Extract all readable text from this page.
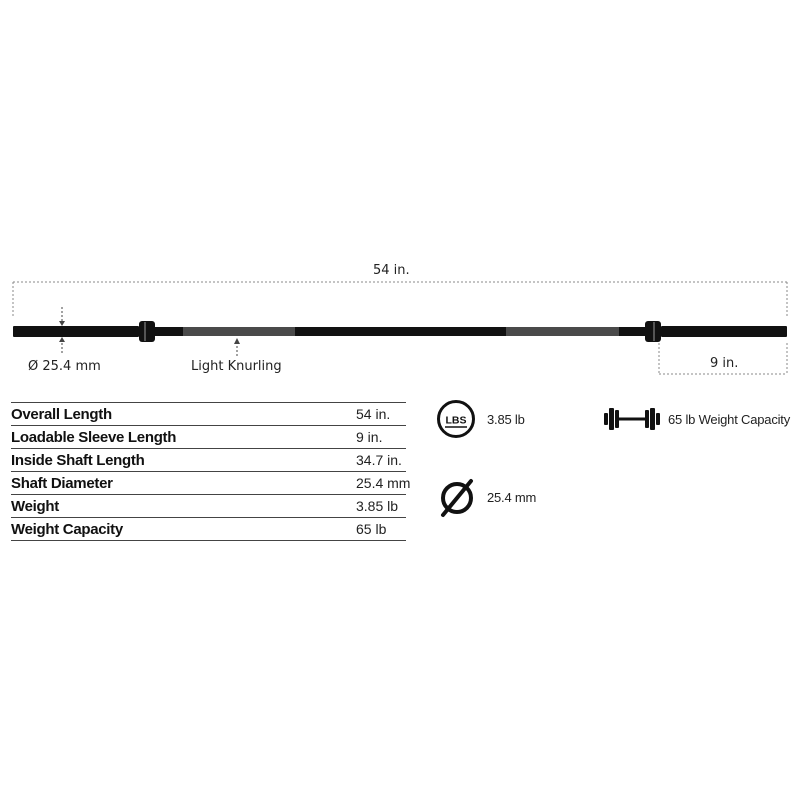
54 in.
Ø 25.4 mm	Light Knurling	9 in.
Overall Length	54 in.
Loadable Sleeve Length	9 in.
Inside Shaft Length	34.7 in.
Shaft Diameter	25.4 mm
Weight	3.85 lb
Weight Capacity	65 lb
LBS 3.85 lb	65 lb Weight Capacity
25.4 mm
